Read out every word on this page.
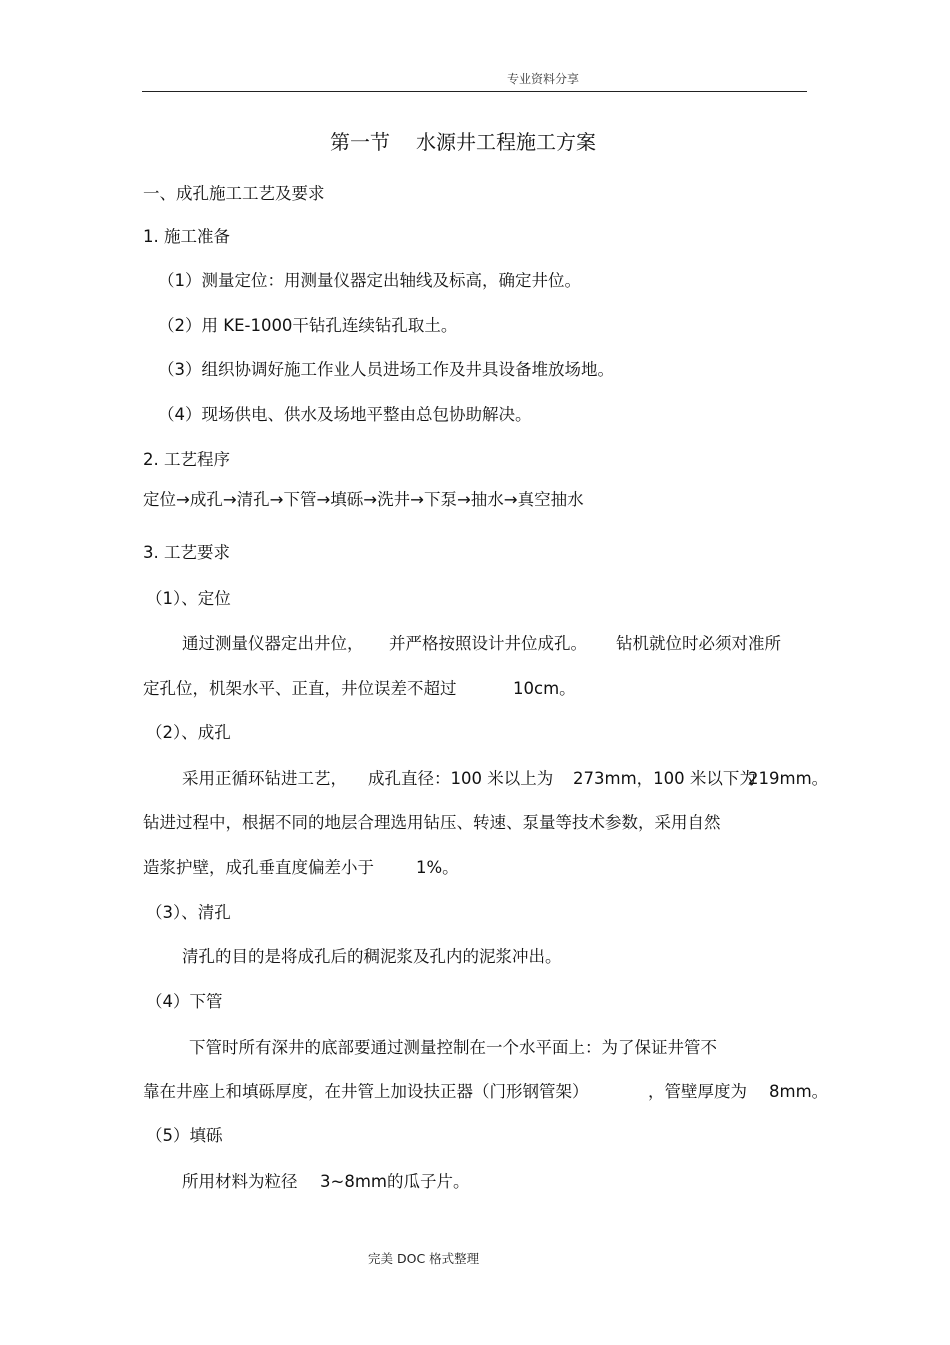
专业资料分享
第一节 水源井工程施工方案
一、成孔施工工艺及要求
1. 施工准备
（1）测量定位：用测量仪器定出轴线及标高，确定井位。
（2）用 KE-1000干钻孔连续钻孔取土。
（3）组织协调好施工作业人员进场工作及井具设备堆放场地。
（4）现场供电、供水及场地平整由总包协助解决。
2. 工艺程序
定位→成孔→清孔→下管→填砾→洗井→下泵→抽水→真空抽水
3. 工艺要求
（1）、定位
通过测量仪器定出井位， 并严格按照设计井位成孔。 钻机就位时必须对准所
定孔位，机架水平、正直，井位误差不超过	10cm。
（2）、成孔
采用正循环钻进工艺， 成孔直径：100 米以上为 273mm，100 米以下为
219mm。
钻进过程中，根据不同的地层合理选用钻压、转速、泵量等技术参数，采用自然
造浆护壁，成孔垂直度偏差小于	1%。
（3）、清孔
清孔的目的是将成孔后的稠泥浆及孔内的泥浆冲出。
（4）下管
下管时所有深井的底部要通过测量控制在一个水平面上：为了保证井管不
靠在井座上和填砾厚度，在井管上加设扶正器（门形钢管架）	，管壁厚度为 8mm。
（5）填砾
所用材料为粒径 3~8mm的瓜子片。
完美 DOC 格式整理
